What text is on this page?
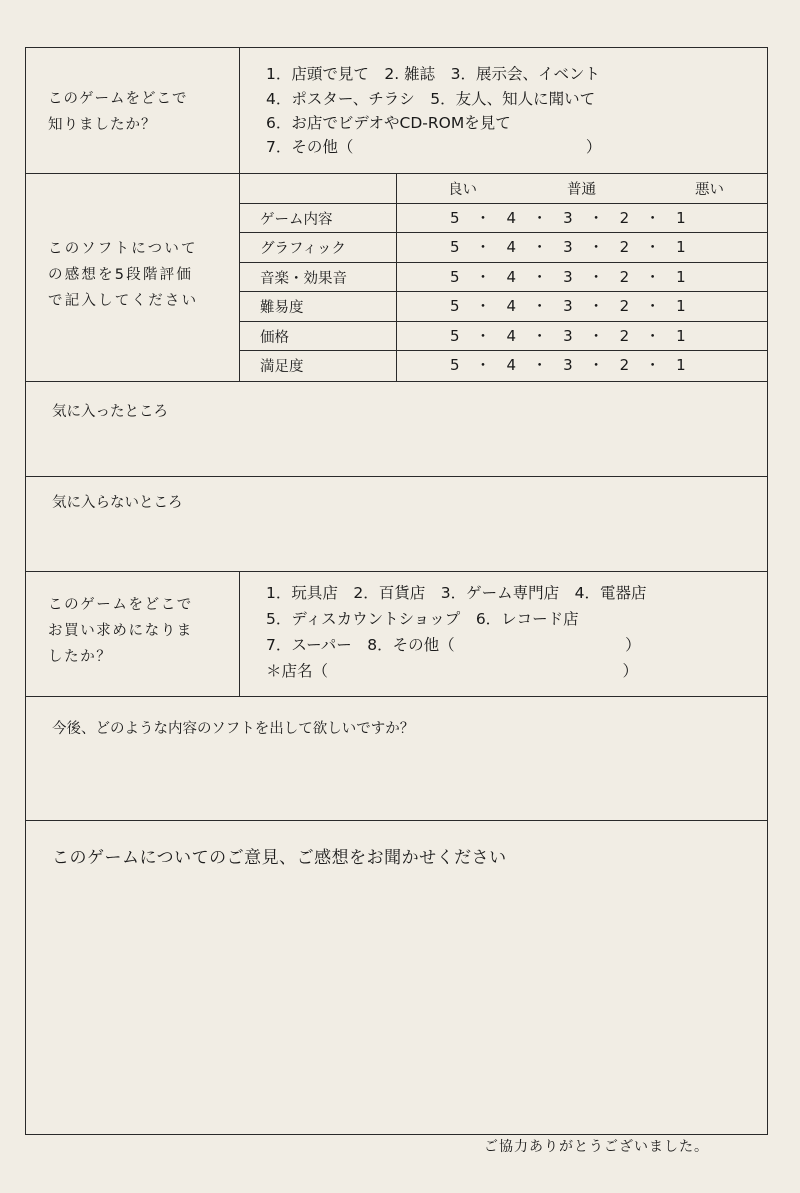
このゲームをどこで
知りましたか？
1．店頭で見て　2. 雑誌　3．展示会、イベント
4．ポスター、チラシ　5．友人、知人に聞いて
6．お店でビデオやCD-ROMを見て
7．その他（　　　　　　　　　　　　　　　）
このソフトについて
の感想を5段階評価
で記入してください
良い	普通	悪い
ゲーム内容	5　・　4　・　3　・　2　・　1
グラフィック	5　・　4　・　3　・　2　・　1
音楽・効果音	5　・　4　・　3　・　2　・　1
難易度	5　・　4　・　3　・　2　・　1
価格	5　・　4　・　3　・　2　・　1
満足度	5　・　4　・　3　・　2　・　1
気に入ったところ
気に入らないところ
このゲームをどこで
お買い求めになりま
したか？
1．玩具店　2．百貨店　3．ゲーム専門店　4．電器店
5．ディスカウントショップ　6．レコード店
7．スーパー　8．その他（　　　　　　　　　　　）
＊店名（　　　　　　　　　　　　　　　　　　　）
今後、どのような内容のソフトを出して欲しいですか？
このゲームについてのご意見、ご感想をお聞かせください
ご協力ありがとうございました。
